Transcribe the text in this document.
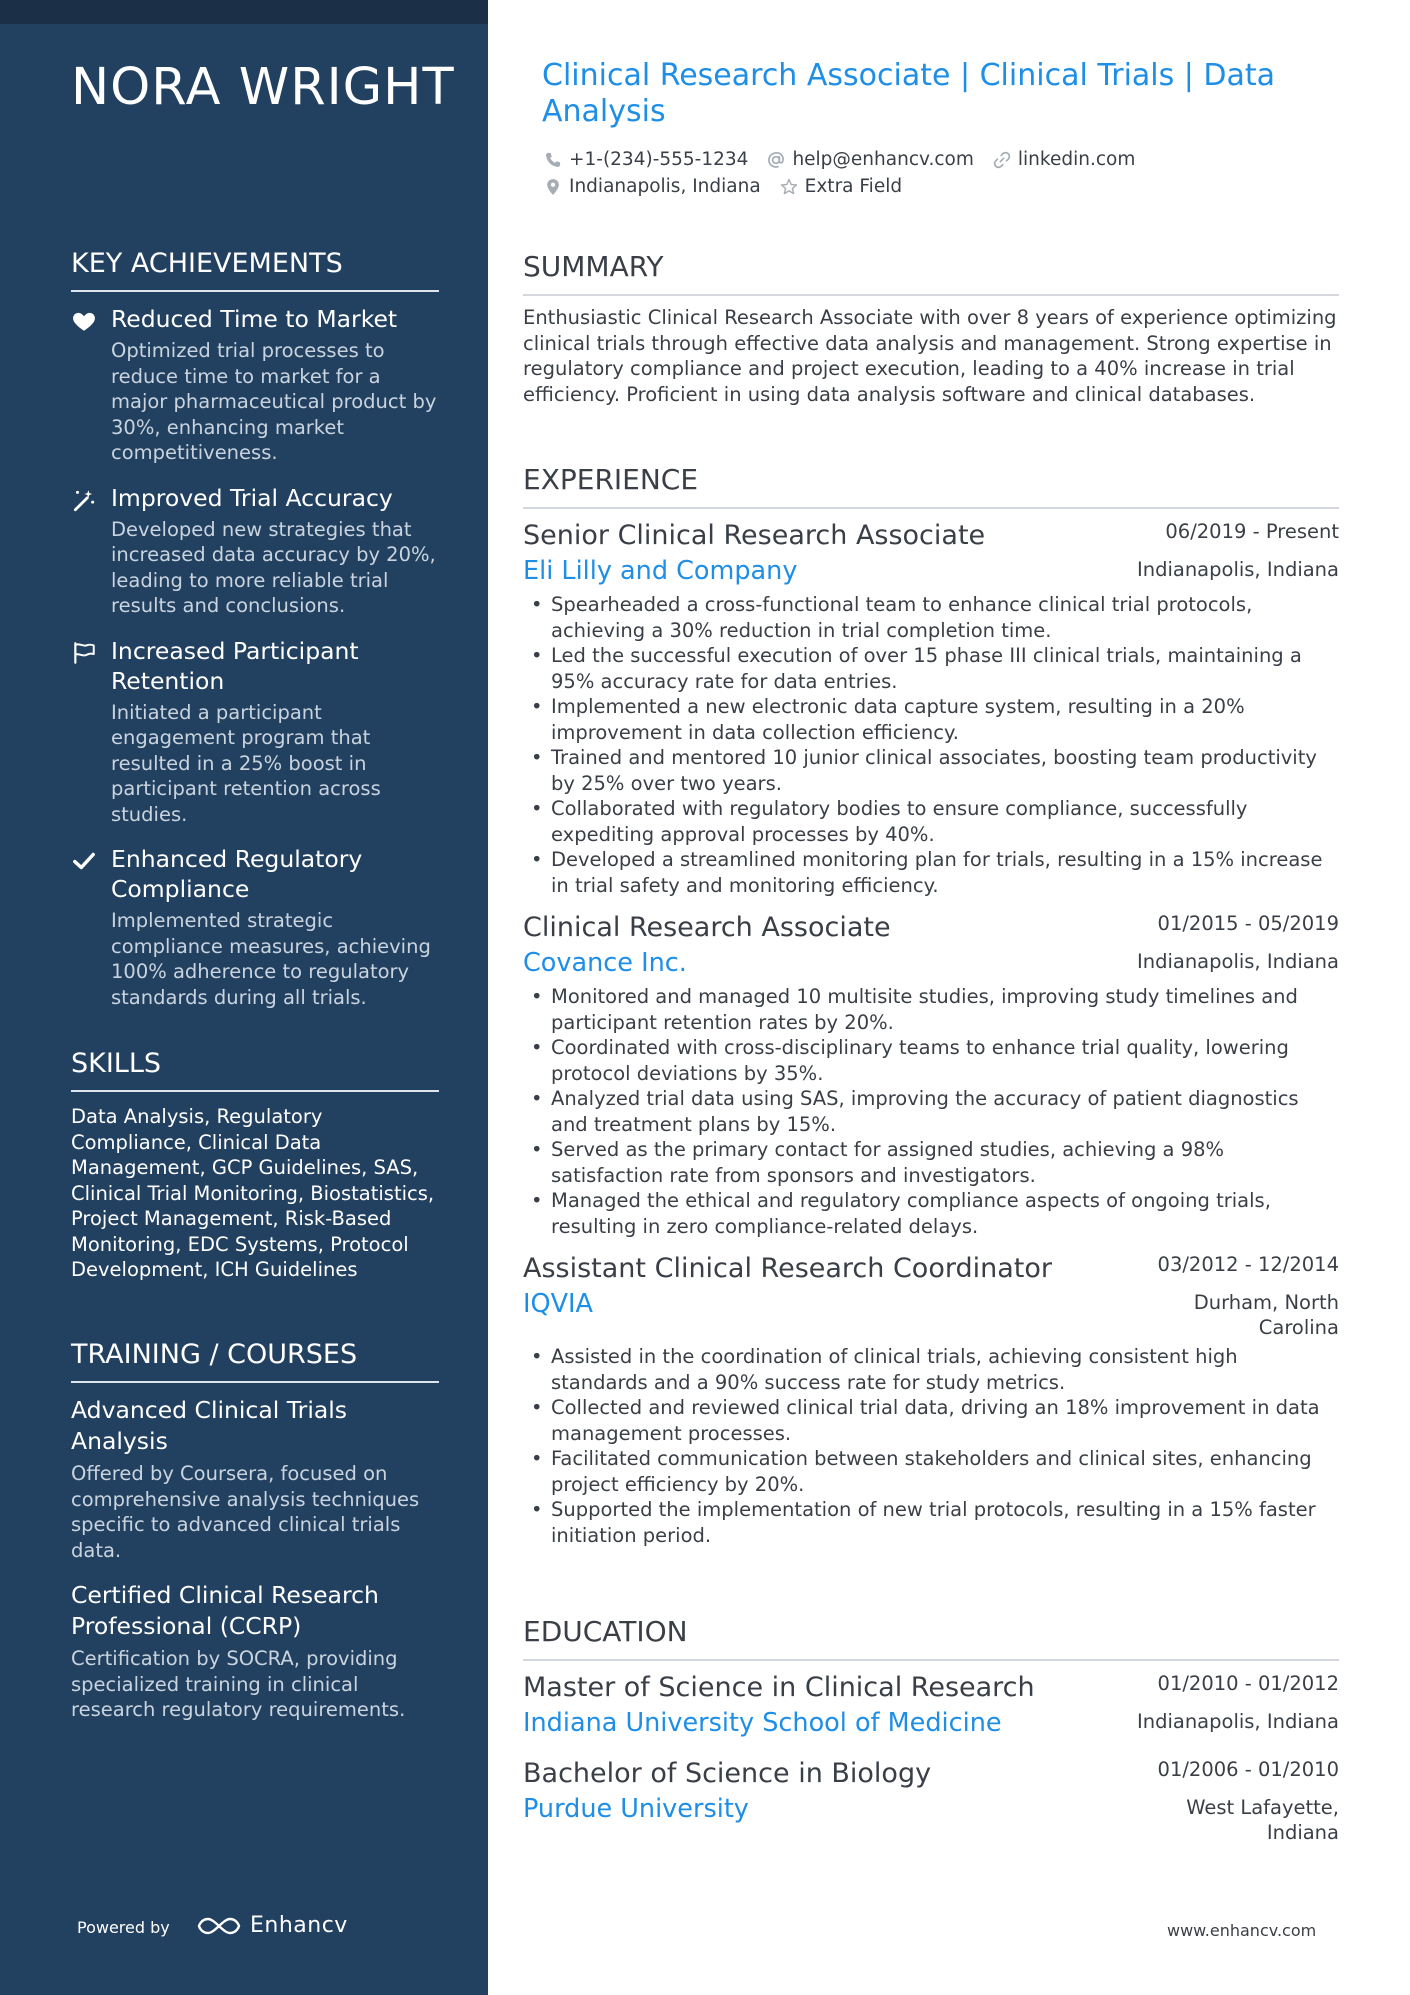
NORA WRIGHT
KEY ACHIEVEMENTS
Reduced Time to Market
Optimized trial processes to reduce time to market for a major pharmaceutical product by 30%, enhancing market competitiveness.
Improved Trial Accuracy
Developed new strategies that increased data accuracy by 20%, leading to more reliable trial results and conclusions.
Increased Participant Retention
Initiated a participant engagement program that resulted in a 25% boost in participant retention across studies.
Enhanced Regulatory Compliance
Implemented strategic compliance measures, achieving 100% adherence to regulatory standards during all trials.
SKILLS
Data Analysis, Regulatory Compliance, Clinical Data Management, GCP Guidelines, SAS, Clinical Trial Monitoring, Biostatistics, Project Management, Risk-Based Monitoring, EDC Systems, Protocol Development, ICH Guidelines
TRAINING / COURSES
Advanced Clinical Trials Analysis
Offered by Coursera, focused on comprehensive analysis techniques specific to advanced clinical trials data.
Certified Clinical Research Professional (CCRP)
Certification by SOCRA, providing specialized training in clinical research regulatory requirements.
Powered by	Enhancv
Clinical Research Associate | Clinical Trials | Data Analysis
+1-(234)-555-1234 help@enhancv.com linkedin.com
Indianapolis, Indiana Extra Field
SUMMARY

Enthusiastic Clinical Research Associate with over 8 years of experience optimizing clinical trials through effective data analysis and management. Strong expertise in regulatory compliance and project execution, leading to a 40% increase in trial efficiency. Proficient in using data analysis software and clinical databases.

EXPERIENCE
Senior Clinical Research Associate	06/2019 - Present
Eli Lilly and Company	Indianapolis, Indiana
• Spearheaded a cross-functional team to enhance clinical trial protocols, achieving a 30% reduction in trial completion time.
• Led the successful execution of over 15 phase III clinical trials, maintaining a 95% accuracy rate for data entries.
• Implemented a new electronic data capture system, resulting in a 20% improvement in data collection efficiency.
• Trained and mentored 10 junior clinical associates, boosting team productivity by 25% over two years.
• Collaborated with regulatory bodies to ensure compliance, successfully expediting approval processes by 40%.
• Developed a streamlined monitoring plan for trials, resulting in a 15% increase in trial safety and monitoring efficiency.
Clinical Research Associate	01/2015 - 05/2019
Covance Inc.	Indianapolis, Indiana
• Monitored and managed 10 multisite studies, improving study timelines and participant retention rates by 20%.
• Coordinated with cross-disciplinary teams to enhance trial quality, lowering protocol deviations by 35%.
• Analyzed trial data using SAS, improving the accuracy of patient diagnostics and treatment plans by 15%.
• Served as the primary contact for assigned studies, achieving a 98% satisfaction rate from sponsors and investigators.
• Managed the ethical and regulatory compliance aspects of ongoing trials, resulting in zero compliance-related delays.
Assistant Clinical Research Coordinator	03/2012 - 12/2014
IQVIA	Durham, North Carolina
• Assisted in the coordination of clinical trials, achieving consistent high standards and a 90% success rate for study metrics.
• Collected and reviewed clinical trial data, driving an 18% improvement in data management processes.
• Facilitated communication between stakeholders and clinical sites, enhancing project efficiency by 20%.
• Supported the implementation of new trial protocols, resulting in a 15% faster initiation period.
EDUCATION
Master of Science in Clinical Research	01/2010 - 01/2012
Indiana University School of Medicine	Indianapolis, Indiana
Bachelor of Science in Biology	01/2006 - 01/2010
Purdue University	West Lafayette, Indiana
www.enhancv.com
